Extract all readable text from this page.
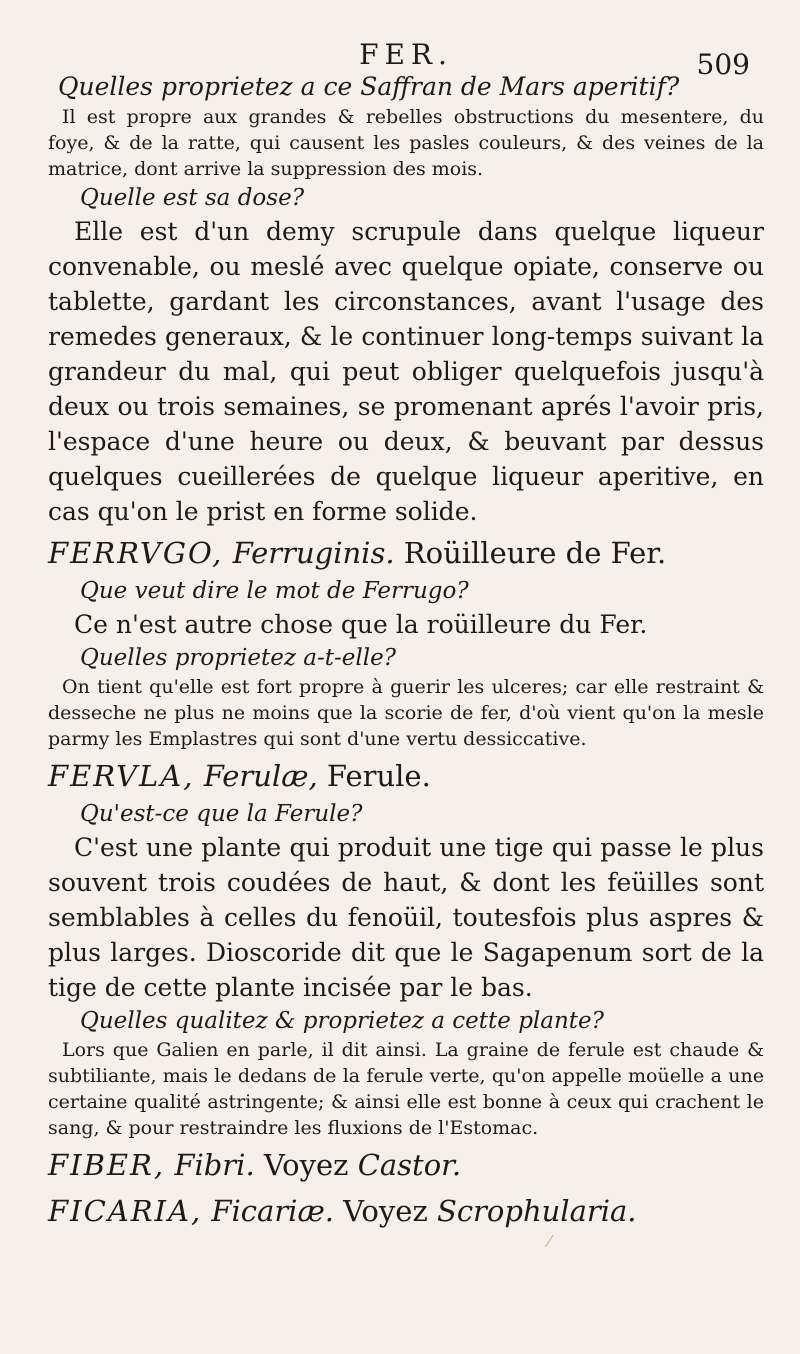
FER.	509

Quelles proprietez a ce Saffran de Mars aperitif?

Il est propre aux grandes & rebelles obstructions du mesentere, du foye, & de la ratte, qui causent les pasles couleurs, & des veines de la matrice, dont arrive la suppression des mois.

Quelle est sa dose?

Elle est d'un demy scrupule dans quelque liqueur convenable, ou meslé avec quelque opiate, conserve ou tablette, gardant les circonstances, avant l'usage des remedes generaux, & le continuer long-temps suivant la grandeur du mal, qui peut obliger quelquefois jusqu'à deux ou trois semaines, se promenant aprés l'avoir pris, l'espace d'une heure ou deux, & beuvant par dessus quelques cueillerées de quelque liqueur aperitive, en cas qu'on le prist en forme solide.

FERRVGO, Ferruginis. Roüilleure de Fer.

Que veut dire le mot de Ferrugo?

Ce n'est autre chose que la roüilleure du Fer.

Quelles proprietez a-t-elle?

On tient qu'elle est fort propre à guerir les ulceres; car elle restraint & desseche ne plus ne moins que la scorie de fer, d'où vient qu'on la mesle parmy les Emplastres qui sont d'une vertu dessiccative.

FERVLA, Ferulæ, Ferule.

Qu'est-ce que la Ferule?

C'est une plante qui produit une tige qui passe le plus souvent trois coudées de haut, & dont les feüilles sont semblables à celles du fenoüil, toutesfois plus aspres & plus larges. Dioscoride dit que le Sagapenum sort de la tige de cette plante incisée par le bas.

Quelles qualitez & proprietez a cette plante?

Lors que Galien en parle, il dit ainsi. La graine de ferule est chaude & subtiliante, mais le dedans de la ferule verte, qu'on appelle moüelle a une certaine qualité astringente; & ainsi elle est bonne à ceux qui crachent le sang, & pour restraindre les fluxions de l'Estomac.

FIBER, Fibri. Voyez Castor.
FICARIA, Ficariæ. Voyez Scrophularia.
⁄
